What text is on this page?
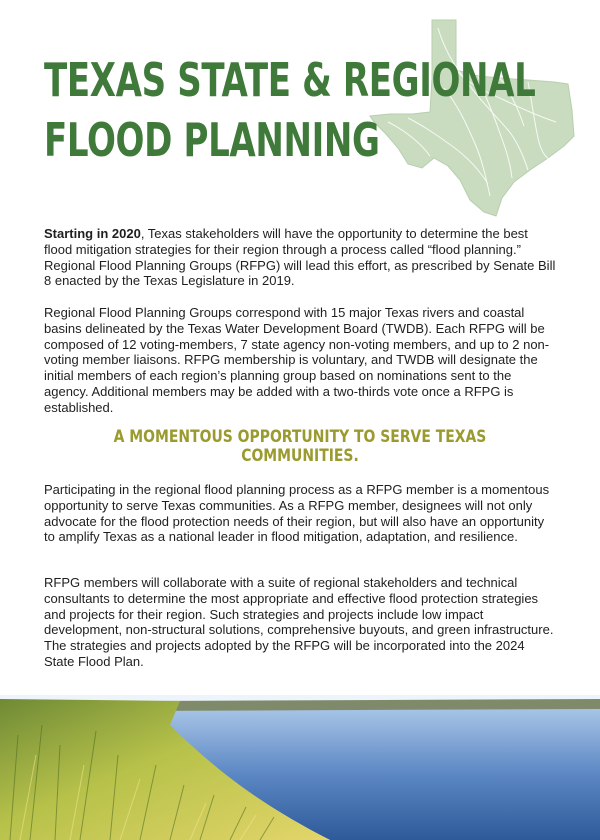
TEXAS STATE & REGIONAL
FLOOD PLANNING

Starting in 2020, Texas stakeholders will have the opportunity to determine the best flood mitigation strategies for their region through a process called “flood planning.” Regional Flood Planning Groups (RFPG) will lead this effort, as prescribed by Senate Bill 8 enacted by the Texas Legislature in 2019.

Regional Flood Planning Groups correspond with 15 major Texas rivers and coastal basins delineated by the Texas Water Development Board (TWDB). Each RFPG will be composed of 12 voting-members, 7 state agency non-voting members, and up to 2 non-voting member liaisons. RFPG membership is voluntary, and TWDB will designate the initial members of each region’s planning group based on nominations sent to the agency. Additional members may be added with a two-thirds vote once a RFPG is established.

A MOMENTOUS OPPORTUNITY TO SERVE TEXAS COMMUNITIES.

Participating in the regional flood planning process as a RFPG member is a momentous opportunity to serve Texas communities. As a RFPG member, designees will not only advocate for the flood protection needs of their region, but will also have an opportunity to amplify Texas as a national leader in flood mitigation, adaptation, and resilience.

RFPG members will collaborate with a suite of regional stakeholders and technical consultants to determine the most appropriate and effective flood protection strategies and projects for their region. Such strategies and projects include low impact development, non-structural solutions, comprehensive buyouts, and green infrastructure. The strategies and projects adopted by the RFPG will be incorporated into the 2024 State Flood Plan.
